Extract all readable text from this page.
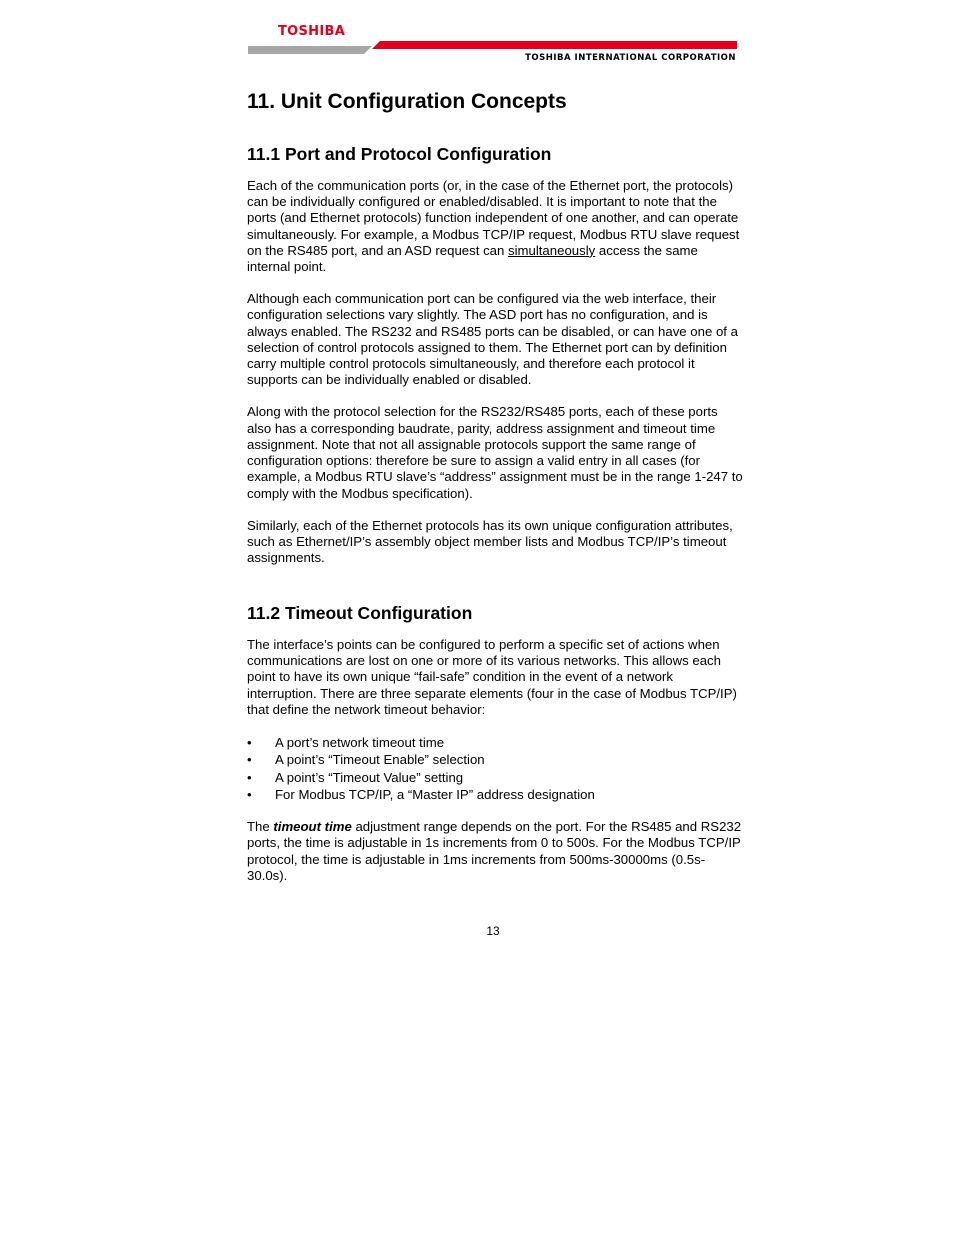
TOSHIBA
TOSHIBA INTERNATIONAL CORPORATION
11. Unit Configuration Concepts
11.1 Port and Protocol Configuration

Each of the communication ports (or, in the case of the Ethernet port, the protocols) can be individually configured or enabled/disabled. It is important to note that the ports (and Ethernet protocols) function independent of one another, and can operate simultaneously. For example, a Modbus TCP/IP request, Modbus RTU slave request on the RS485 port, and an ASD request can simultaneously access the same internal point.

Although each communication port can be configured via the web interface, their configuration selections vary slightly. The ASD port has no configuration, and is always enabled. The RS232 and RS485 ports can be disabled, or can have one of a selection of control protocols assigned to them. The Ethernet port can by definition carry multiple control protocols simultaneously, and therefore each protocol it supports can be individually enabled or disabled.

Along with the protocol selection for the RS232/RS485 ports, each of these ports also has a corresponding baudrate, parity, address assignment and timeout time assignment. Note that not all assignable protocols support the same range of configuration options: therefore be sure to assign a valid entry in all cases (for example, a Modbus RTU slave’s “address” assignment must be in the range 1-247 to comply with the Modbus specification).

Similarly, each of the Ethernet protocols has its own unique configuration attributes, such as Ethernet/IP’s assembly object member lists and Modbus TCP/IP’s timeout assignments.

11.2 Timeout Configuration

The interface’s points can be configured to perform a specific set of actions when communications are lost on one or more of its various networks. This allows each point to have its own unique “fail-safe” condition in the event of a network interruption. There are three separate elements (four in the case of Modbus TCP/IP) that define the network timeout behavior:

• A port’s network timeout time
• A point’s “Timeout Enable” selection
• A point’s “Timeout Value” setting
• For Modbus TCP/IP, a “Master IP” address designation

The timeout time adjustment range depends on the port. For the RS485 and RS232 ports, the time is adjustable in 1s increments from 0 to 500s. For the Modbus TCP/IP protocol, the time is adjustable in 1ms increments from 500ms-30000ms (0.5s-30.0s).

13
